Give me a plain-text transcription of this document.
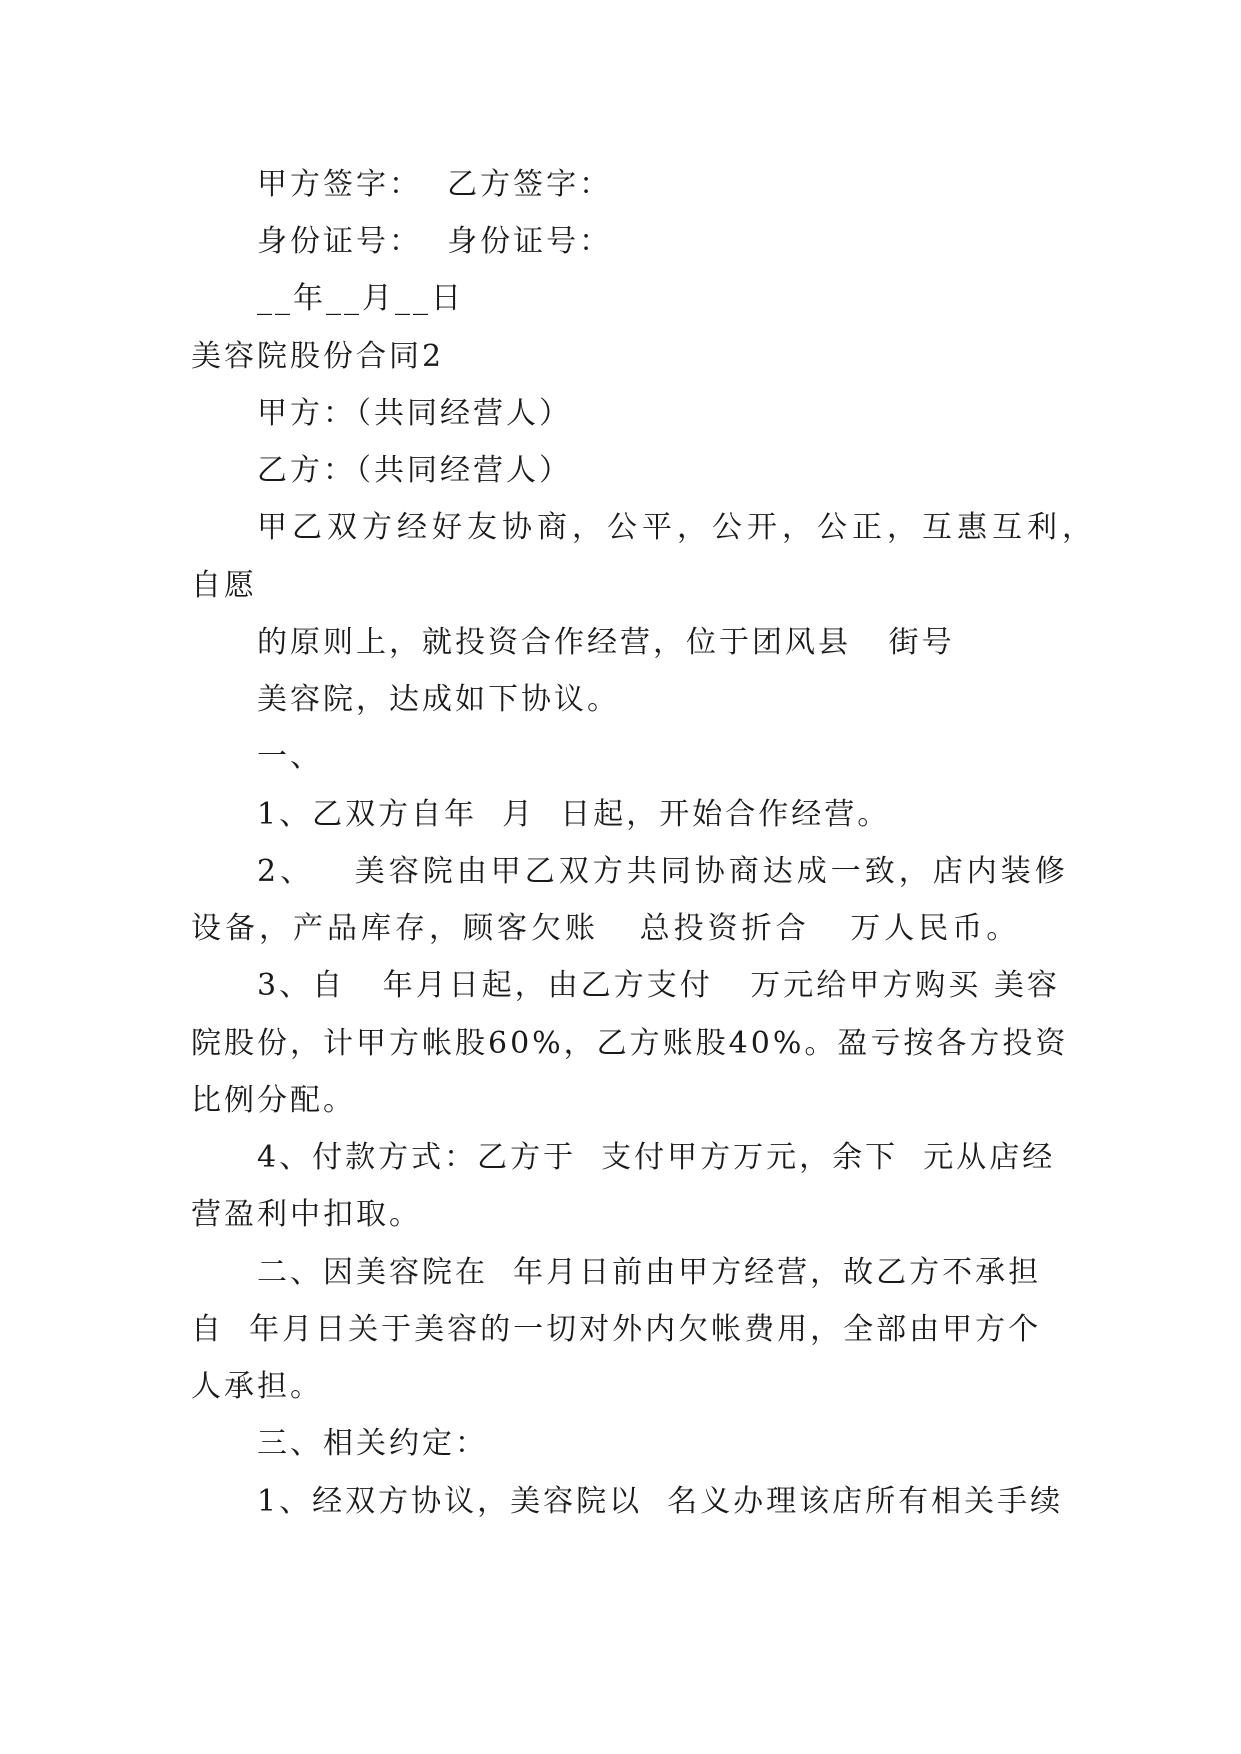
甲方签字：  乙方签字：

身份证号：  身份证号：

__年__月__日

美容院股份合同2

甲方：（共同经营人）

乙方：（共同经营人）

甲乙双方经好友协商，公平，公开，公正，互惠互利，

自愿

的原则上，就投资合作经营，位于团风县   街号

美容院，达成如下协议。

一、

1、乙双方自年  月  日起，开始合作经营。

2、   美容院由甲乙双方共同协商达成一致，店内装修

设备，产品库存，顾客欠账   总投资折合   万人民币。

3、自   年月日起，由乙方支付   万元给甲方购买 美容

院股份，计甲方帐股60%，乙方账股40%。盈亏按各方投资

比例分配。

4、付款方式：乙方于  支付甲方万元，余下  元从店经

营盈利中扣取。

二、因美容院在  年月日前由甲方经营，故乙方不承担

自  年月日关于美容的一切对外内欠帐费用，全部由甲方个

人承担。

三、相关约定：

1、经双方协议，美容院以  名义办理该店所有相关手续
